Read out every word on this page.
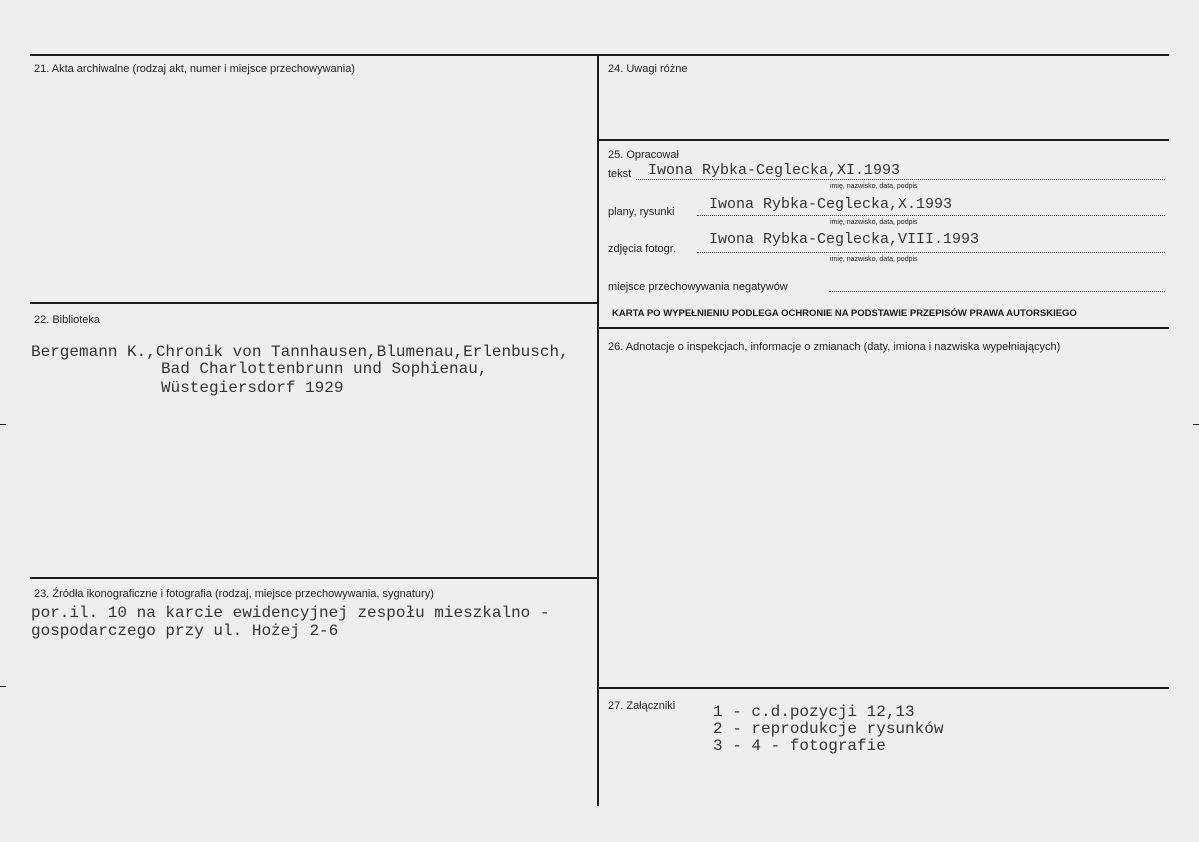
21. Akta archiwalne (rodzaj akt, numer i miejsce przechowywania)
22. Biblioteka
Bergemann K.,Chronik von Tannhausen,Blumenau,Erlenbusch,
Bad Charlottenbrunn und Sophienau,
Wüstegiersdorf 1929
23. Źródła ikonograficzne i fotografia (rodzaj, miejsce przechowywania, sygnatury)
por.il. 10 na karcie ewidencyjnej zespołu mieszkalno -
gospodarczego przy ul. Hożej 2-6
24. Uwagi różne
25. Opracował
tekst Iwona Rybka-Ceglecka,XI.1993
imię, nazwisko, data, podpis
plany, rysunki Iwona Rybka-Ceglecka,X.1993
imię, nazwisko, data, podpis
zdjęcia fotogr.
Iwona Rybka-Ceglecka,VIII.1993
imię, nazwisko, data, podpis
miejsce przechowywania negatywów
KARTA PO WYPEŁNIENIU PODLEGA OCHRONIE NA PODSTAWIE PRZEPISÓW PRAWA AUTORSKIEGO
26. Adnotacje o inspekcjach, informacje o zmianach (daty, imiona i nazwiska wypełniających)
27. Załączniki 1 - c.d.pozycji 12,13
2 - reprodukcje rysunków
3 - 4 - fotografie
